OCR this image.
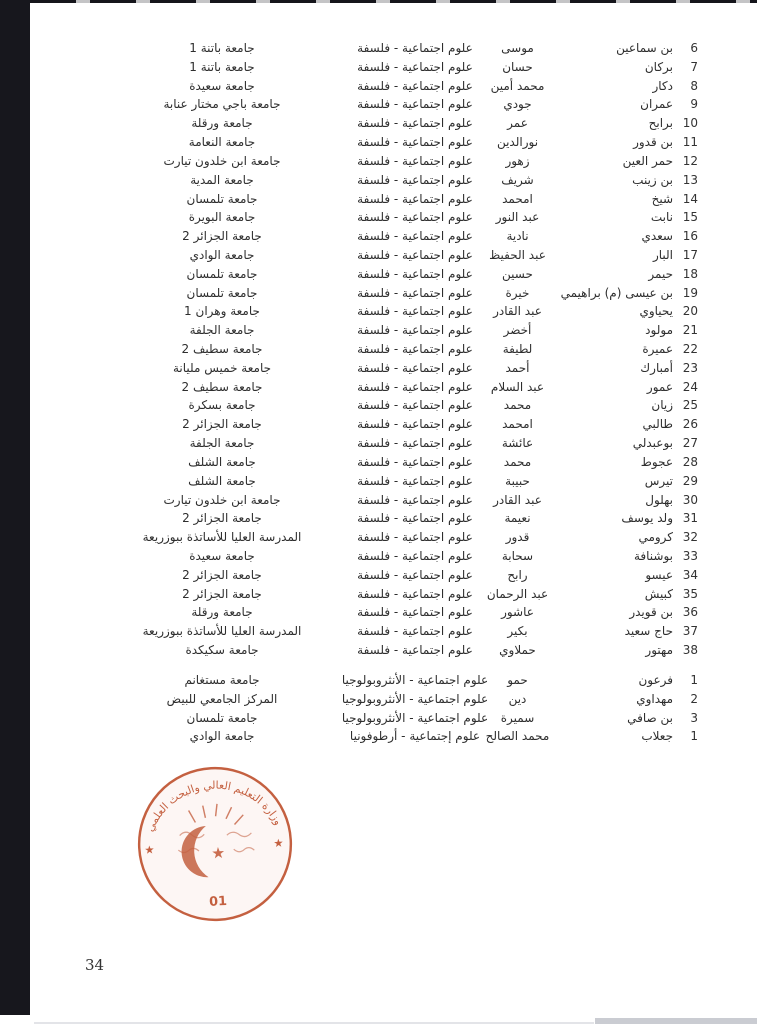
6
بن سماعين
موسى
علوم اجتماعية - فلسفة
جامعة باتنة 1
7
بركان
حسان
علوم اجتماعية - فلسفة
جامعة باتنة 1
8
دكار
محمد أمين
علوم اجتماعية - فلسفة
جامعة سعيدة
9
عمران
جودي
علوم اجتماعية - فلسفة
جامعة باجي مختار عنابة
10
برابح
عمر
علوم اجتماعية - فلسفة
جامعة ورقلة
11
بن قدور
نورالدين
علوم اجتماعية - فلسفة
جامعة النعامة
12
حمر العين
زهور
علوم اجتماعية - فلسفة
جامعة ابن خلدون تيارت
13
بن زينب
شريف
علوم اجتماعية - فلسفة
جامعة المدية
14
شيخ
امحمد
علوم اجتماعية - فلسفة
جامعة تلمسان
15
نابت
عبد النور
علوم اجتماعية - فلسفة
جامعة البويرة
16
سعدي
نادية
علوم اجتماعية - فلسفة
جامعة الجزائر 2
17
البار
عبد الحفيظ
علوم اجتماعية - فلسفة
جامعة الوادي
18
حيمر
حسين
علوم اجتماعية - فلسفة
جامعة تلمسان
19
بن عيسى (م) براهيمي
خيرة
علوم اجتماعية - فلسفة
جامعة تلمسان
20
يحياوي
عبد القادر
علوم اجتماعية - فلسفة
جامعة وهران 1
21
مولود
أخضر
علوم اجتماعية - فلسفة
جامعة الجلفة
22
عميرة
لطيفة
علوم اجتماعية - فلسفة
جامعة سطيف 2
23
أمبارك
أحمد
علوم اجتماعية - فلسفة
جامعة خميس مليانة
24
عمور
عبد السلام
علوم اجتماعية - فلسفة
جامعة سطيف 2
25
زيان
محمد
علوم اجتماعية - فلسفة
جامعة بسكرة
26
طالبي
امحمد
علوم اجتماعية - فلسفة
جامعة الجزائر 2
27
بوعبدلي
عائشة
علوم اجتماعية - فلسفة
جامعة الجلفة
28
عجوط
محمد
علوم اجتماعية - فلسفة
جامعة الشلف
29
تيرس
حبيبة
علوم اجتماعية - فلسفة
جامعة الشلف
30
بهلول
عبد القادر
علوم اجتماعية - فلسفة
جامعة ابن خلدون تيارت
31
ولد يوسف
نعيمة
علوم اجتماعية - فلسفة
جامعة الجزائر 2
32
كرومي
قدور
علوم اجتماعية - فلسفة
المدرسة العليا للأساتذة ببوزريعة
33
بوشنافة
سحابة
علوم اجتماعية - فلسفة
جامعة سعيدة
34
عيسو
رابح
علوم اجتماعية - فلسفة
جامعة الجزائر 2
35
كبيش
عبد الرحمان
علوم اجتماعية - فلسفة
جامعة الجزائر 2
36
بن قويدر
عاشور
علوم اجتماعية - فلسفة
جامعة ورقلة
37
حاج سعيد
بكير
علوم اجتماعية - فلسفة
المدرسة العليا للأساتذة ببوزريعة
38
مهتور
حملاوي
علوم اجتماعية - فلسفة
جامعة سكيكدة
1
فرعون
حمو
علوم اجتماعية - الأنثروبولوجيا
جامعة مستغانم
2
مهداوي
دين
علوم اجتماعية - الأنثروبولوجيا
المركز الجامعي للبيض
3
بن صافي
سميرة
علوم اجتماعية - الأنثروبولوجيا
جامعة تلمسان
1
جعلاب
محمد الصالح
علوم إجتماعية - أرطوفونيا
جامعة الوادي
وزارة التعليم العالي والبحث العلمي
★
★
★
01
34
